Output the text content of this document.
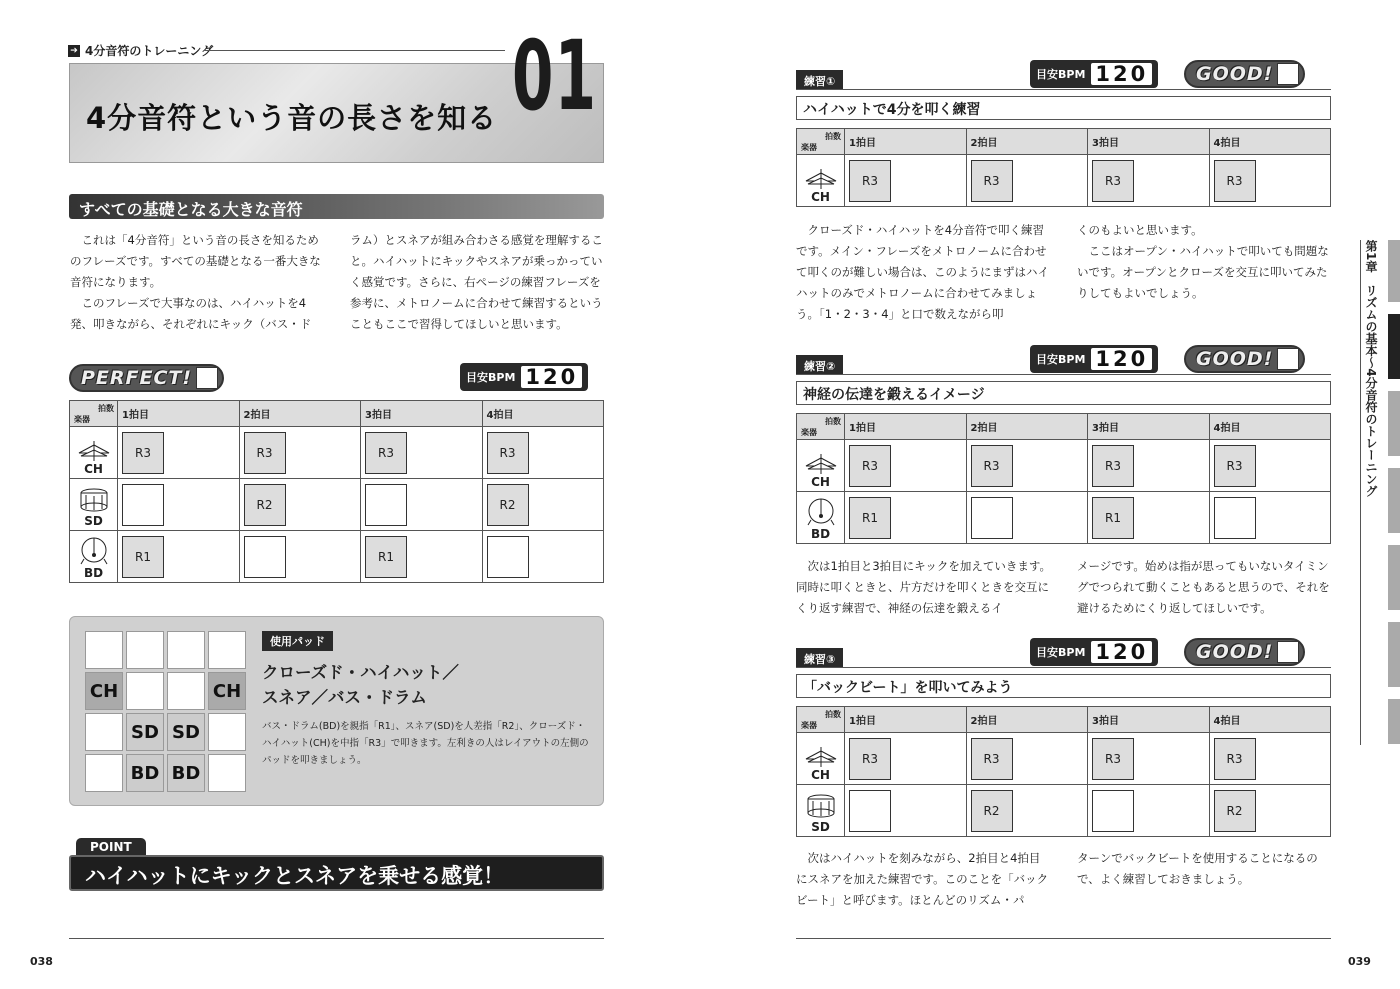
➔ 4分音符のトレーニング
4分音符という音の長さを知る 01
すべての基礎となる大きな音符

これは「4分音符」という音の長さを知るためのフレーズです。すべての基礎となる一番大きな音符になります。

このフレーズで大事なのは、ハイハットを4発、叩きながら、それぞれにキック（バス・ド

ラム）とスネアが組み合わさる感覚を理解すること。ハイハットにキックやスネアが乗っかっていく感覚です。さらに、右ページの練習フレーズを参考に、メトロノームに合わせて練習するということもここで習得してほしいと思います。

PERFECT!	目安BPM 120
拍数
楽器	1拍目	2拍目	3拍目	4拍目

CH	R3	R3	R3	R3

SD		R2		R2

BD	R1		R1	

CH	CH
SD SD
BD BD
使用パッド
クローズド・ハイハット／
スネア／バス・ドラム
バス・ドラム(BD)を親指「R1」、スネア(SD)を人差指「R2」、クローズド・ハイハット(CH)を中指「R3」で叩きます。左利きの人はレイアウトの左側のパッドを叩きましょう。
POINT
ハイハットにキックとスネアを乗せる感覚！
038
練習①
目安BPM 120	GOOD!
ハイハットで4分を叩く練習
拍数
楽器	1拍目	2拍目	3拍目	4拍目

CH	R3	R3	R3	R3

クローズド・ハイハットを4分音符で叩く練習です。メイン・フレーズをメトロノームに合わせて叩くのが難しい場合は、このようにまずはハイハットのみでメトロノームに合わせてみましょう。「1・2・3・4」と口で数えながら叩

くのもよいと思います。

ここはオープン・ハイハットで叩いても問題ないです。オープンとクローズを交互に叩いてみたりしてもよいでしょう。

練習②
目安BPM 120	GOOD!
神経の伝達を鍛えるイメージ
拍数
楽器	1拍目	2拍目	3拍目	4拍目

CH	R3	R3	R3	R3

BD	R1		R1	

次は1拍目と3拍目にキックを加えていきます。同時に叩くときと、片方だけを叩くときを交互にくり返す練習で、神経の伝達を鍛えるイ

メージです。始めは指が思ってもいないタイミングでつられて動くこともあると思うので、それを避けるためにくり返してほしいです。

練習③
目安BPM 120	GOOD!
「バックビート」を叩いてみよう
拍数
楽器	1拍目	2拍目	3拍目	4拍目

CH	R3	R3	R3	R3

SD		R2		R2

次はハイハットを刻みながら、2拍目と4拍目にスネアを加えた練習です。このことを「バックビート」と呼びます。ほとんどのリズム・パ

ターンでバックビートを使用することになるので、よく練習しておきましょう。

039
第1章　リズムの基本〜4分音符のトレーニング
